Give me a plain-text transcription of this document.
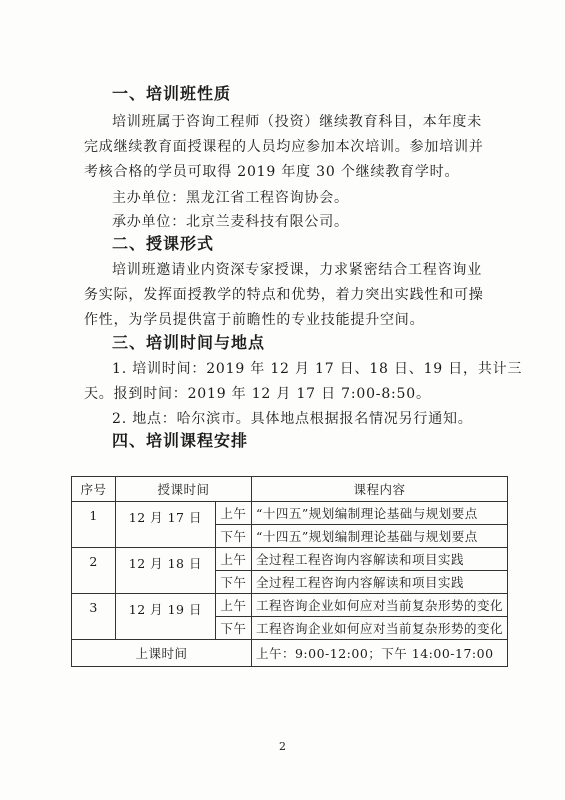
一、培训班性质
培训班属于咨询工程师（投资）继续教育科目，本年度未
完成继续教育面授课程的人员均应参加本次培训。参加培训并
考核合格的学员可取得 2019 年度 30 个继续教育学时。
主办单位：黑龙江省工程咨询协会。
承办单位：北京兰麦科技有限公司。
二、授课形式
培训班邀请业内资深专家授课，力求紧密结合工程咨询业
务实际，发挥面授教学的特点和优势，着力突出实践性和可操
作性，为学员提供富于前瞻性的专业技能提升空间。
三、培训时间与地点
1. 培训时间：2019 年 12 月 17 日、18 日、19 日，共计三
天。报到时间：2019 年 12 月 17 日 7:00-8:50。
2. 地点：哈尔滨市。具体地点根据报名情况另行通知。
四、培训课程安排
序号	授课时间		课程内容
1	12 月 17 日	上午	“十四五”规划编制理论基础与规划要点
		下午	“十四五”规划编制理论基础与规划要点
2	12 月 18 日	上午	全过程工程咨询内容解读和项目实践
		下午	全过程工程咨询内容解读和项目实践
3	12 月 19 日	上午	工程咨询企业如何应对当前复杂形势的变化
		下午	工程咨询企业如何应对当前复杂形势的变化
上课时间			上午：9:00-12:00；下午 14:00-17:00
2
